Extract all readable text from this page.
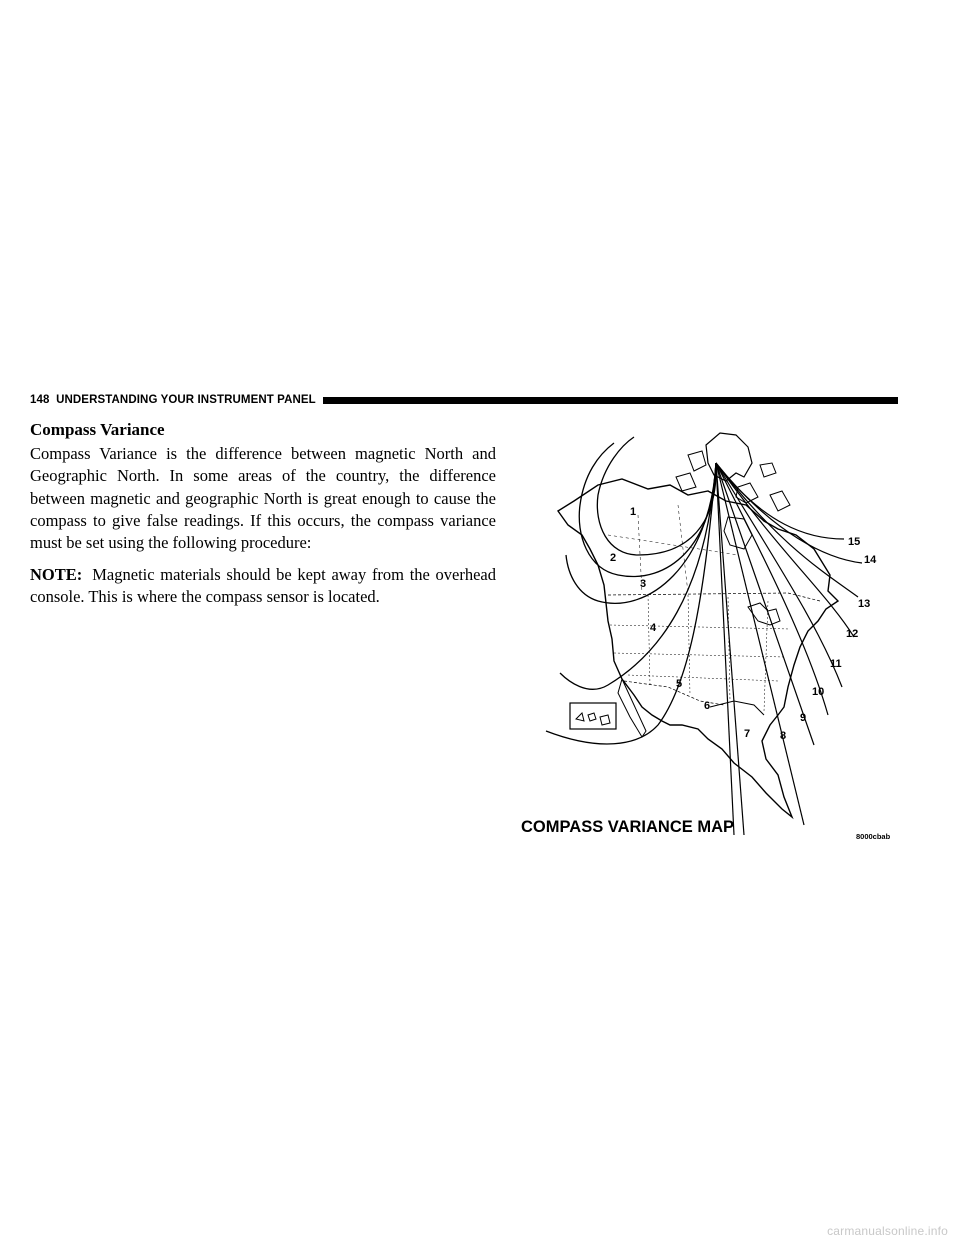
148 UNDERSTANDING YOUR INSTRUMENT PANEL
Compass Variance

Compass Variance is the difference between magnetic North and Geographic North. In some areas of the country, the difference between magnetic and geographic North is great enough to cause the compass to give false readings. If this occurs, the compass variance must be set using the following procedure:

NOTE: Magnetic materials should be kept away from the overhead console. This is where the compass sensor is located.

1
2
3
4
5
6
7	8
9
10
11
12
13
14
15
COMPASS VARIANCE MAP
8000cbab
carmanualsonline.info
